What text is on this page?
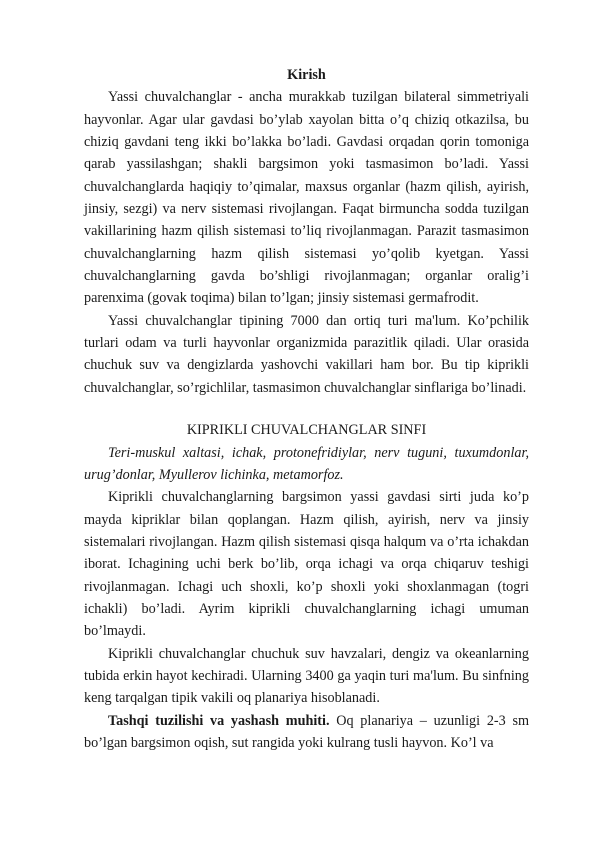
Kirish

Yassi chuvalchanglar - ancha murakkab tuzilgan bilateral simmetriyali hayvonlar. Agar ular gavdasi bo’ylab xayolan bitta o’q chiziq otkazilsa, bu chiziq gavdani teng ikki bo’lakka bo’ladi. Gavdasi orqadan qorin tomoniga qarab yassilashgan; shakli bargsimon yoki tasmasimon bo’ladi. Yassi chuvalchanglarda haqiqiy to’qimalar, maxsus organlar (hazm qilish, ayirish, jinsiy, sezgi) va nerv sistemasi rivojlangan. Faqat birmuncha sodda tuzilgan vakillarining hazm qilish sistemasi to’liq rivojlanmagan. Parazit tasmasimon chuvalchanglarning hazm qilish sistemasi yo’qolib kyetgan. Yassi chuvalchanglarning gavda bo’shligi rivojlanmagan; organlar oralig’i parenxima (govak toqima) bilan to’lgan; jinsiy sistemasi germafrodit.

Yassi chuvalchanglar tipining 7000 dan ortiq turi ma'lum. Ko’pchilik turlari odam va turli hayvonlar organizmida parazitlik qiladi. Ular orasida chuchuk suv va dengizlarda yashovchi vakillari ham bor. Bu tip kiprikli chuvalchanglar, so’rgichlilar, tasmasimon chuvalchanglar sinflariga bo’linadi.

KIPRIKLI CHUVALCHANGLAR SINFI

Teri-muskul xaltasi, ichak, protonefridiylar, nerv tuguni, tuxumdonlar, urug’donlar, Myullerov lichinka, metamorfoz.

Kiprikli chuvalchanglarning bargsimon yassi gavdasi sirti juda ko’p mayda kipriklar bilan qoplangan. Hazm qilish, ayirish, nerv va jinsiy sistemalari rivojlangan. Hazm qilish sistemasi qisqa halqum va o’rta ichakdan iborat. Ichagining uchi berk bo’lib, orqa ichagi va orqa chiqaruv teshigi rivojlanmagan. Ichagi uch shoxli, ko’p shoxli yoki shoxlanmagan (togri ichakli) bo’ladi. Ayrim kiprikli chuvalchanglarning ichagi umuman bo’lmaydi.

Kiprikli chuvalchanglar chuchuk suv havzalari, dengiz va okeanlarning tubida erkin hayot kechiradi. Ularning 3400 ga yaqin turi ma'lum. Bu sinfning keng tarqalgan tipik vakili oq planariya hisoblanadi.

Tashqi tuzilishi va yashash muhiti. Oq planariya – uzunligi 2-3 sm bo’lgan bargsimon oqish, sut rangida yoki kulrang tusli hayvon. Ko’l va
